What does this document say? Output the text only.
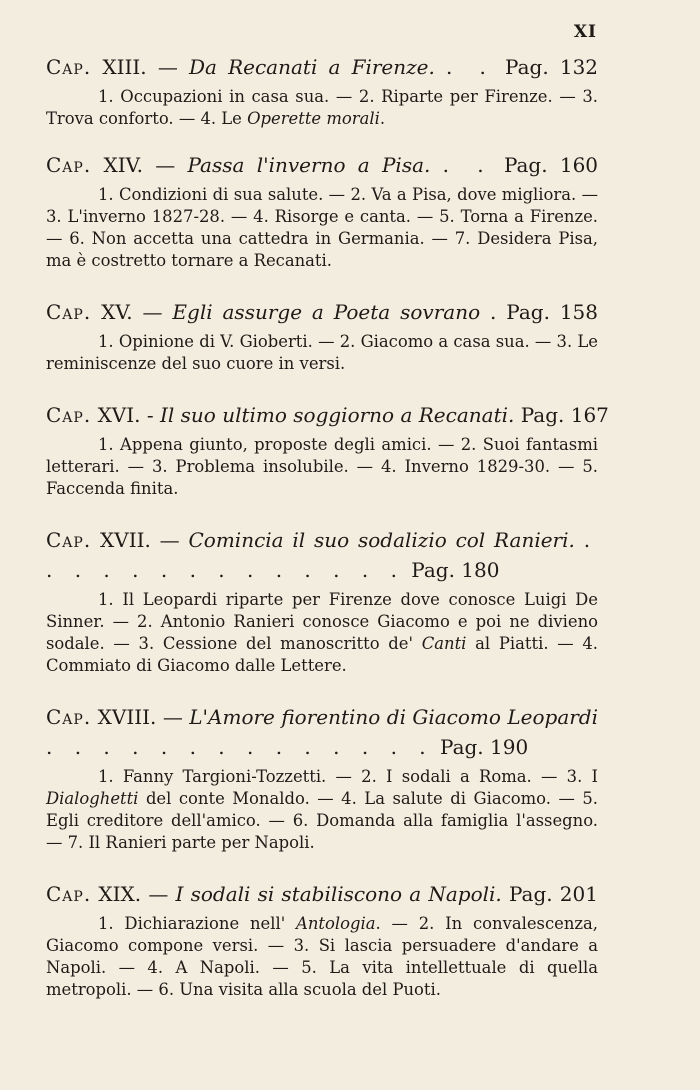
XI
Cap. XIII. — Da Recanati a Firenze. . . Pag. 132
1. Occupazioni in casa sua. — 2. Riparte per Firenze. — 3. Trova conforto. — 4. Le Operette morali.
Cap. XIV. — Passa l'inverno a Pisa. . . Pag. 160
1. Condizioni di sua salute. — 2. Va a Pisa, dove migliora. — 3. L'inverno 1827-28. — 4. Risorge e canta. — 5. Torna a Firenze. — 6. Non accetta una cattedra in Germania. — 7. Desidera Pisa, ma è costretto tornare a Recanati.
Cap. XV. — Egli assurge a Poeta sovrano . Pag. 158
1. Opinione di V. Gioberti. — 2. Giacomo a casa sua. — 3. Le reminiscenze del suo cuore in versi.
Cap. XVI. - Il suo ultimo soggiorno a Recanati. Pag. 167
1. Appena giunto, proposte degli amici. — 2. Suoi fantasmi letterari. — 3. Problema insolubile. — 4. Inverno 1829-30. — 5. Faccenda finita.
Cap. XVII. — Comincia il suo sodalizio col Ranieri. . . . . . . . . . . . . . . Pag. 180
1. Il Leopardi riparte per Firenze dove conosce Luigi De Sinner. — 2. Antonio Ranieri conosce Giacomo e poi ne divieno sodale. — 3. Cessione del manoscritto de' Canti al Piatti. — 4. Commiato di Giacomo dalle Lettere.
Cap. XVIII. — L'Amore fiorentino di Giacomo Leopardi . . . . . . . . . . . . . . Pag. 190
1. Fanny Targioni-Tozzetti. — 2. I sodali a Roma. — 3. I Dialoghetti del conte Monaldo. — 4. La salute di Giacomo. — 5. Egli creditore dell'amico. — 6. Domanda alla famiglia l'assegno. — 7. Il Ranieri parte per Napoli.
Cap. XIX. — I sodali si stabiliscono a Napoli. Pag. 201
1. Dichiarazione nell' Antologia. — 2. In convalescenza, Giacomo compone versi. — 3. Si lascia persuadere d'andare a Napoli. — 4. A Napoli. — 5. La vita intellettuale di quella metropoli. — 6. Una visita alla scuola del Puoti.
